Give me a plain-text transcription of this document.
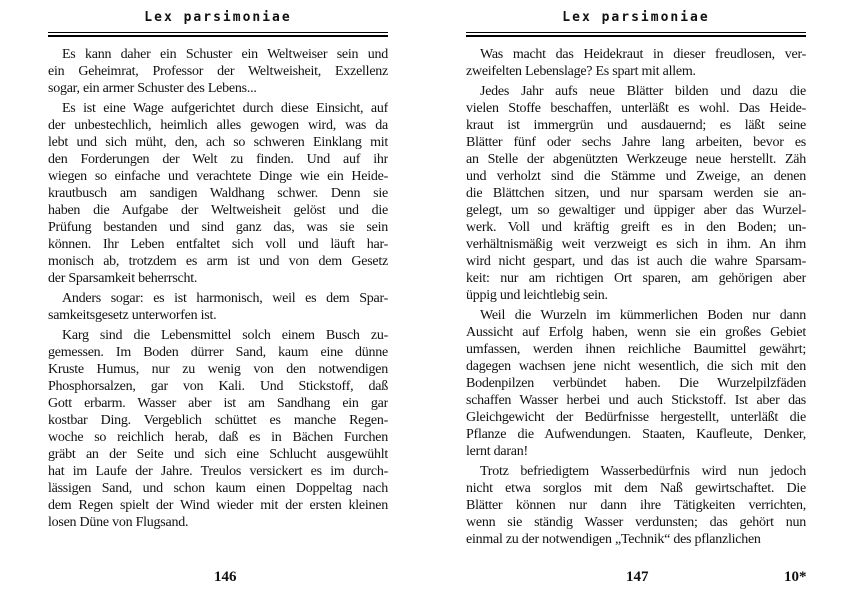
Lex parsimoniae
Es kann daher ein Schuster ein Weltweiser sein und
ein Geheimrat, Professor der Weltweisheit, Exzellenz
sogar, ein armer Schuster des Lebens...
Es ist eine Wage aufgerichtet durch diese Einsicht, auf
der unbestechlich, heimlich alles gewogen wird, was da
lebt und sich müht, den, ach so schweren Einklang mit
den Forderungen der Welt zu finden. Und auf ihr
wiegen so einfache und verachtete Dinge wie ein Heide-
krautbusch am sandigen Waldhang schwer. Denn sie
haben die Aufgabe der Weltweisheit gelöst und die
Prüfung bestanden und sind ganz das, was sie sein
können. Ihr Leben entfaltet sich voll und läuft har-
monisch ab, trotzdem es arm ist und von dem Gesetz
der Sparsamkeit beherrscht.
Anders sogar: es ist harmonisch, weil es dem Spar-
samkeitsgesetz unterworfen ist.
Karg sind die Lebensmittel solch einem Busch zu-
gemessen. Im Boden dürrer Sand, kaum eine dünne
Kruste Humus, nur zu wenig von den notwendigen
Phosphorsalzen, gar von Kali. Und Stickstoff, daß
Gott erbarm. Wasser aber ist am Sandhang ein gar
kostbar Ding. Vergeblich schüttet es manche Regen-
woche so reichlich herab, daß es in Bächen Furchen
gräbt an der Seite und sich eine Schlucht ausgewühlt
hat im Laufe der Jahre. Treulos versickert es im durch-
lässigen Sand, und schon kaum einen Doppeltag nach
dem Regen spielt der Wind wieder mit der ersten kleinen
losen Düne von Flugsand.
146
Lex parsimoniae
Was macht das Heidekraut in dieser freudlosen, ver-
zweifelten Lebenslage? Es spart mit allem.
Jedes Jahr aufs neue Blätter bilden und dazu die
vielen Stoffe beschaffen, unterläßt es wohl. Das Heide-
kraut ist immergrün und ausdauernd; es läßt seine
Blätter fünf oder sechs Jahre lang arbeiten, bevor es
an Stelle der abgenützten Werkzeuge neue herstellt. Zäh
und verholzt sind die Stämme und Zweige, an denen
die Blättchen sitzen, und nur sparsam werden sie an-
gelegt, um so gewaltiger und üppiger aber das Wurzel-
werk. Voll und kräftig greift es in den Boden; un-
verhältnismäßig weit verzweigt es sich in ihm. An ihm
wird nicht gespart, und das ist auch die wahre Sparsam-
keit: nur am richtigen Ort sparen, am gehörigen aber
üppig und leichtlebig sein.
Weil die Wurzeln im kümmerlichen Boden nur dann
Aussicht auf Erfolg haben, wenn sie ein großes Gebiet
umfassen, werden ihnen reichliche Baumittel gewährt;
dagegen wachsen jene nicht wesentlich, die sich mit den
Bodenpilzen verbündet haben. Die Wurzelpilzfäden
schaffen Wasser herbei und auch Stickstoff. Ist aber das
Gleichgewicht der Bedürfnisse hergestellt, unterläßt die
Pflanze die Aufwendungen. Staaten, Kaufleute, Denker,
lernt daran!
Trotz befriedigtem Wasserbedürfnis wird nun jedoch
nicht etwa sorglos mit dem Naß gewirtschaftet. Die
Blätter können nur dann ihre Tätigkeiten verrichten,
wenn sie ständig Wasser verdunsten; das gehört nun
einmal zu der notwendigen „Technik“ des pflanzlichen
147	10*
